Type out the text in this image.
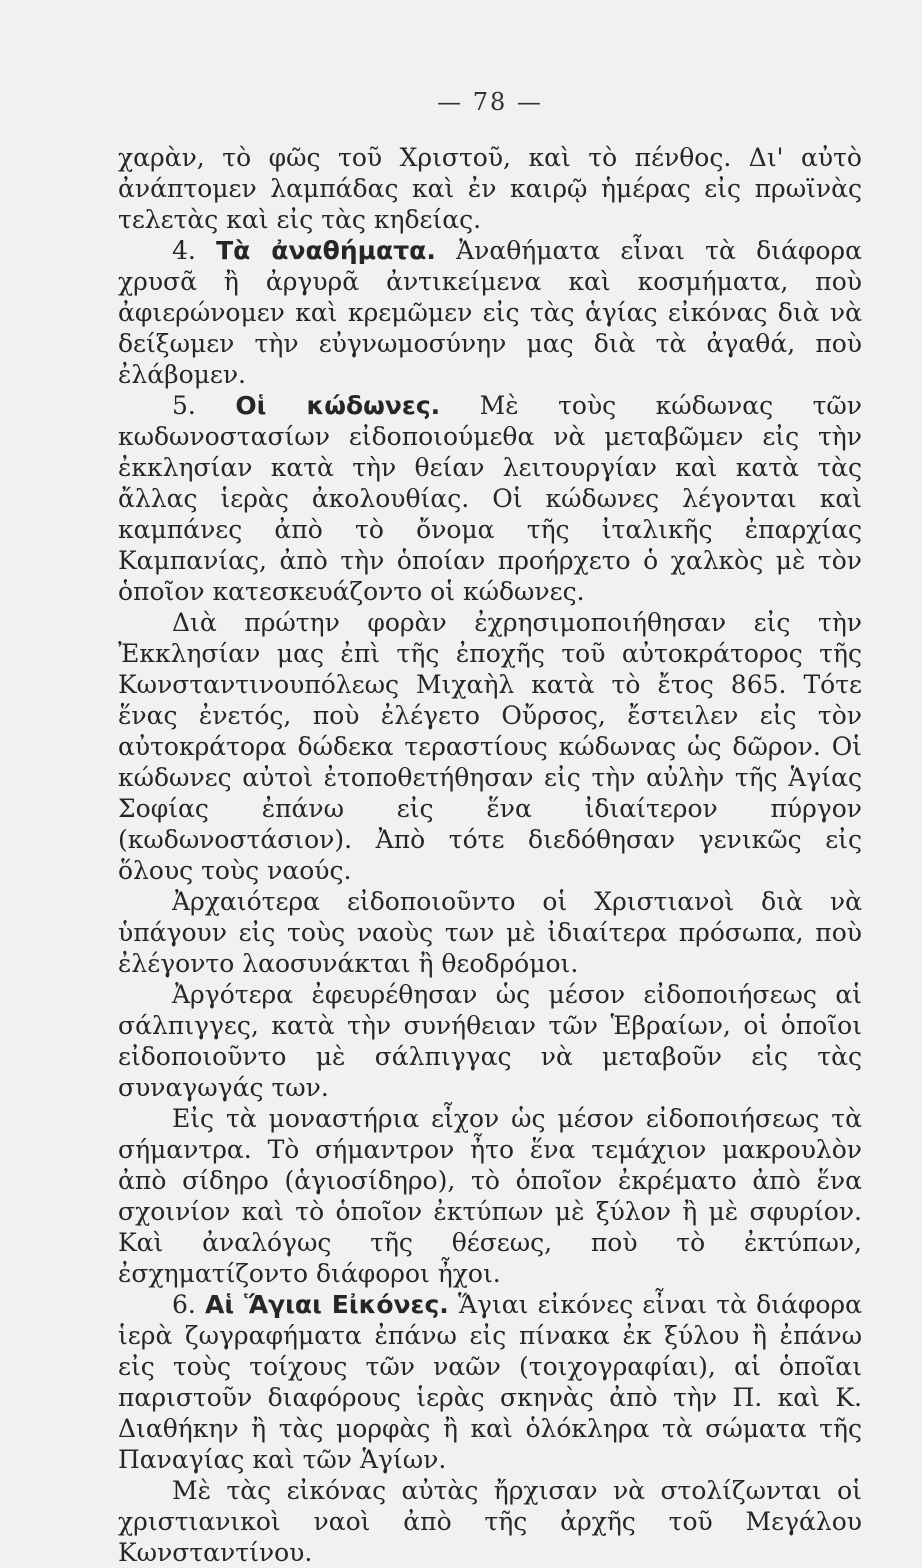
— 78 —

χαρὰν, τὸ φῶς τοῦ Χριστοῦ, καὶ τὸ πένθος. Δι' αὐτὸ ἀνάπτομεν λαμπάδας καὶ ἐν καιρῷ ἡμέρας εἰς πρωϊνὰς τελετὰς καὶ εἰς τὰς κηδείας.

4. Τὰ ἀναθήματα. Ἀναθήματα εἶναι τὰ διάφορα χρυσᾶ ἢ ἀργυρᾶ ἀντικείμενα καὶ κοσμήματα, ποὺ ἀφιερώνομεν καὶ κρεμῶμεν εἰς τὰς ἁγίας εἰκόνας διὰ νὰ δείξωμεν τὴν εὐγνωμοσύνην μας διὰ τὰ ἀγαθά, ποὺ ἐλάβομεν.

5. Οἱ κώδωνες. Μὲ τοὺς κώδωνας τῶν κωδωνοστασίων εἰδοποιούμεθα νὰ μεταβῶμεν εἰς τὴν ἐκκλησίαν κατὰ τὴν θείαν λειτουργίαν καὶ κατὰ τὰς ἄλλας ἱερὰς ἀκολουθίας. Οἱ κώδωνες λέγονται καὶ καμπάνες ἀπὸ τὸ ὄνομα τῆς ἰταλικῆς ἐπαρχίας Καμπανίας, ἀπὸ τὴν ὁποίαν προήρχετο ὁ χαλκὸς μὲ τὸν ὁποῖον κατεσκευάζοντο οἱ κώδωνες.

Διὰ πρώτην φορὰν ἐχρησιμοποιήθησαν εἰς τὴν Ἐκκλησίαν μας ἐπὶ τῆς ἐποχῆς τοῦ αὐτοκράτορος τῆς Κωνσταντινουπόλεως Μιχαὴλ κατὰ τὸ ἔτος 865. Τότε ἕνας ἐνετός, ποὺ ἐλέγετο Οὔρσος, ἔστειλεν εἰς τὸν αὐτοκράτορα δώδεκα τεραστίους κώδωνας ὡς δῶρον. Οἱ κώδωνες αὐτοὶ ἐτοποθετήθησαν εἰς τὴν αὐλὴν τῆς Ἁγίας Σοφίας ἐπάνω εἰς ἕνα ἰδιαίτερον πύργον (κωδωνοστάσιον). Ἀπὸ τότε διεδόθησαν γενικῶς εἰς ὅλους τοὺς ναούς.

Ἀρχαιότερα εἰδοποιοῦντο οἱ Χριστιανοὶ διὰ νὰ ὑπάγουν εἰς τοὺς ναοὺς των μὲ ἰδιαίτερα πρόσωπα, ποὺ ἐλέγοντο λαοσυνάκται ἢ θεοδρόμοι.

Ἀργότερα ἐφευρέθησαν ὡς μέσον εἰδοποιήσεως αἱ σάλπιγγες, κατὰ τὴν συνήθειαν τῶν Ἑβραίων, οἱ ὁποῖοι εἰδοποιοῦντο μὲ σάλπιγγας νὰ μεταβοῦν εἰς τὰς συναγωγάς των.

Εἰς τὰ μοναστήρια εἶχον ὡς μέσον εἰδοποιήσεως τὰ σήμαντρα. Τὸ σήμαντρον ἦτο ἕνα τεμάχιον μακρουλὸν ἀπὸ σίδηρο (ἁγιοσίδηρο), τὸ ὁποῖον ἐκρέματο ἀπὸ ἕνα σχοινίον καὶ τὸ ὁποῖον ἐκτύπων μὲ ξύλον ἢ μὲ σφυρίον. Καὶ ἀναλόγως τῆς θέσεως, ποὺ τὸ ἐκτύπων, ἐσχηματίζοντο διάφοροι ἦχοι.

6. Αἱ Ἅγιαι Εἰκόνες. Ἅγιαι εἰκόνες εἶναι τὰ διάφορα ἱερὰ ζωγραφήματα ἐπάνω εἰς πίνακα ἐκ ξύλου ἢ ἐπάνω εἰς τοὺς τοίχους τῶν ναῶν (τοιχογραφίαι), αἱ ὁποῖαι παριστοῦν διαφόρους ἱερὰς σκηνὰς ἀπὸ τὴν Π. καὶ Κ. Διαθήκην ἢ τὰς μορφὰς ἢ καὶ ὁλόκληρα τὰ σώματα τῆς Παναγίας καὶ τῶν Ἁγίων.

Μὲ τὰς εἰκόνας αὐτὰς ἤρχισαν νὰ στολίζωνται οἱ χριστιανικοὶ ναοὶ ἀπὸ τῆς ἀρχῆς τοῦ Μεγάλου Κωνσταντίνου.
